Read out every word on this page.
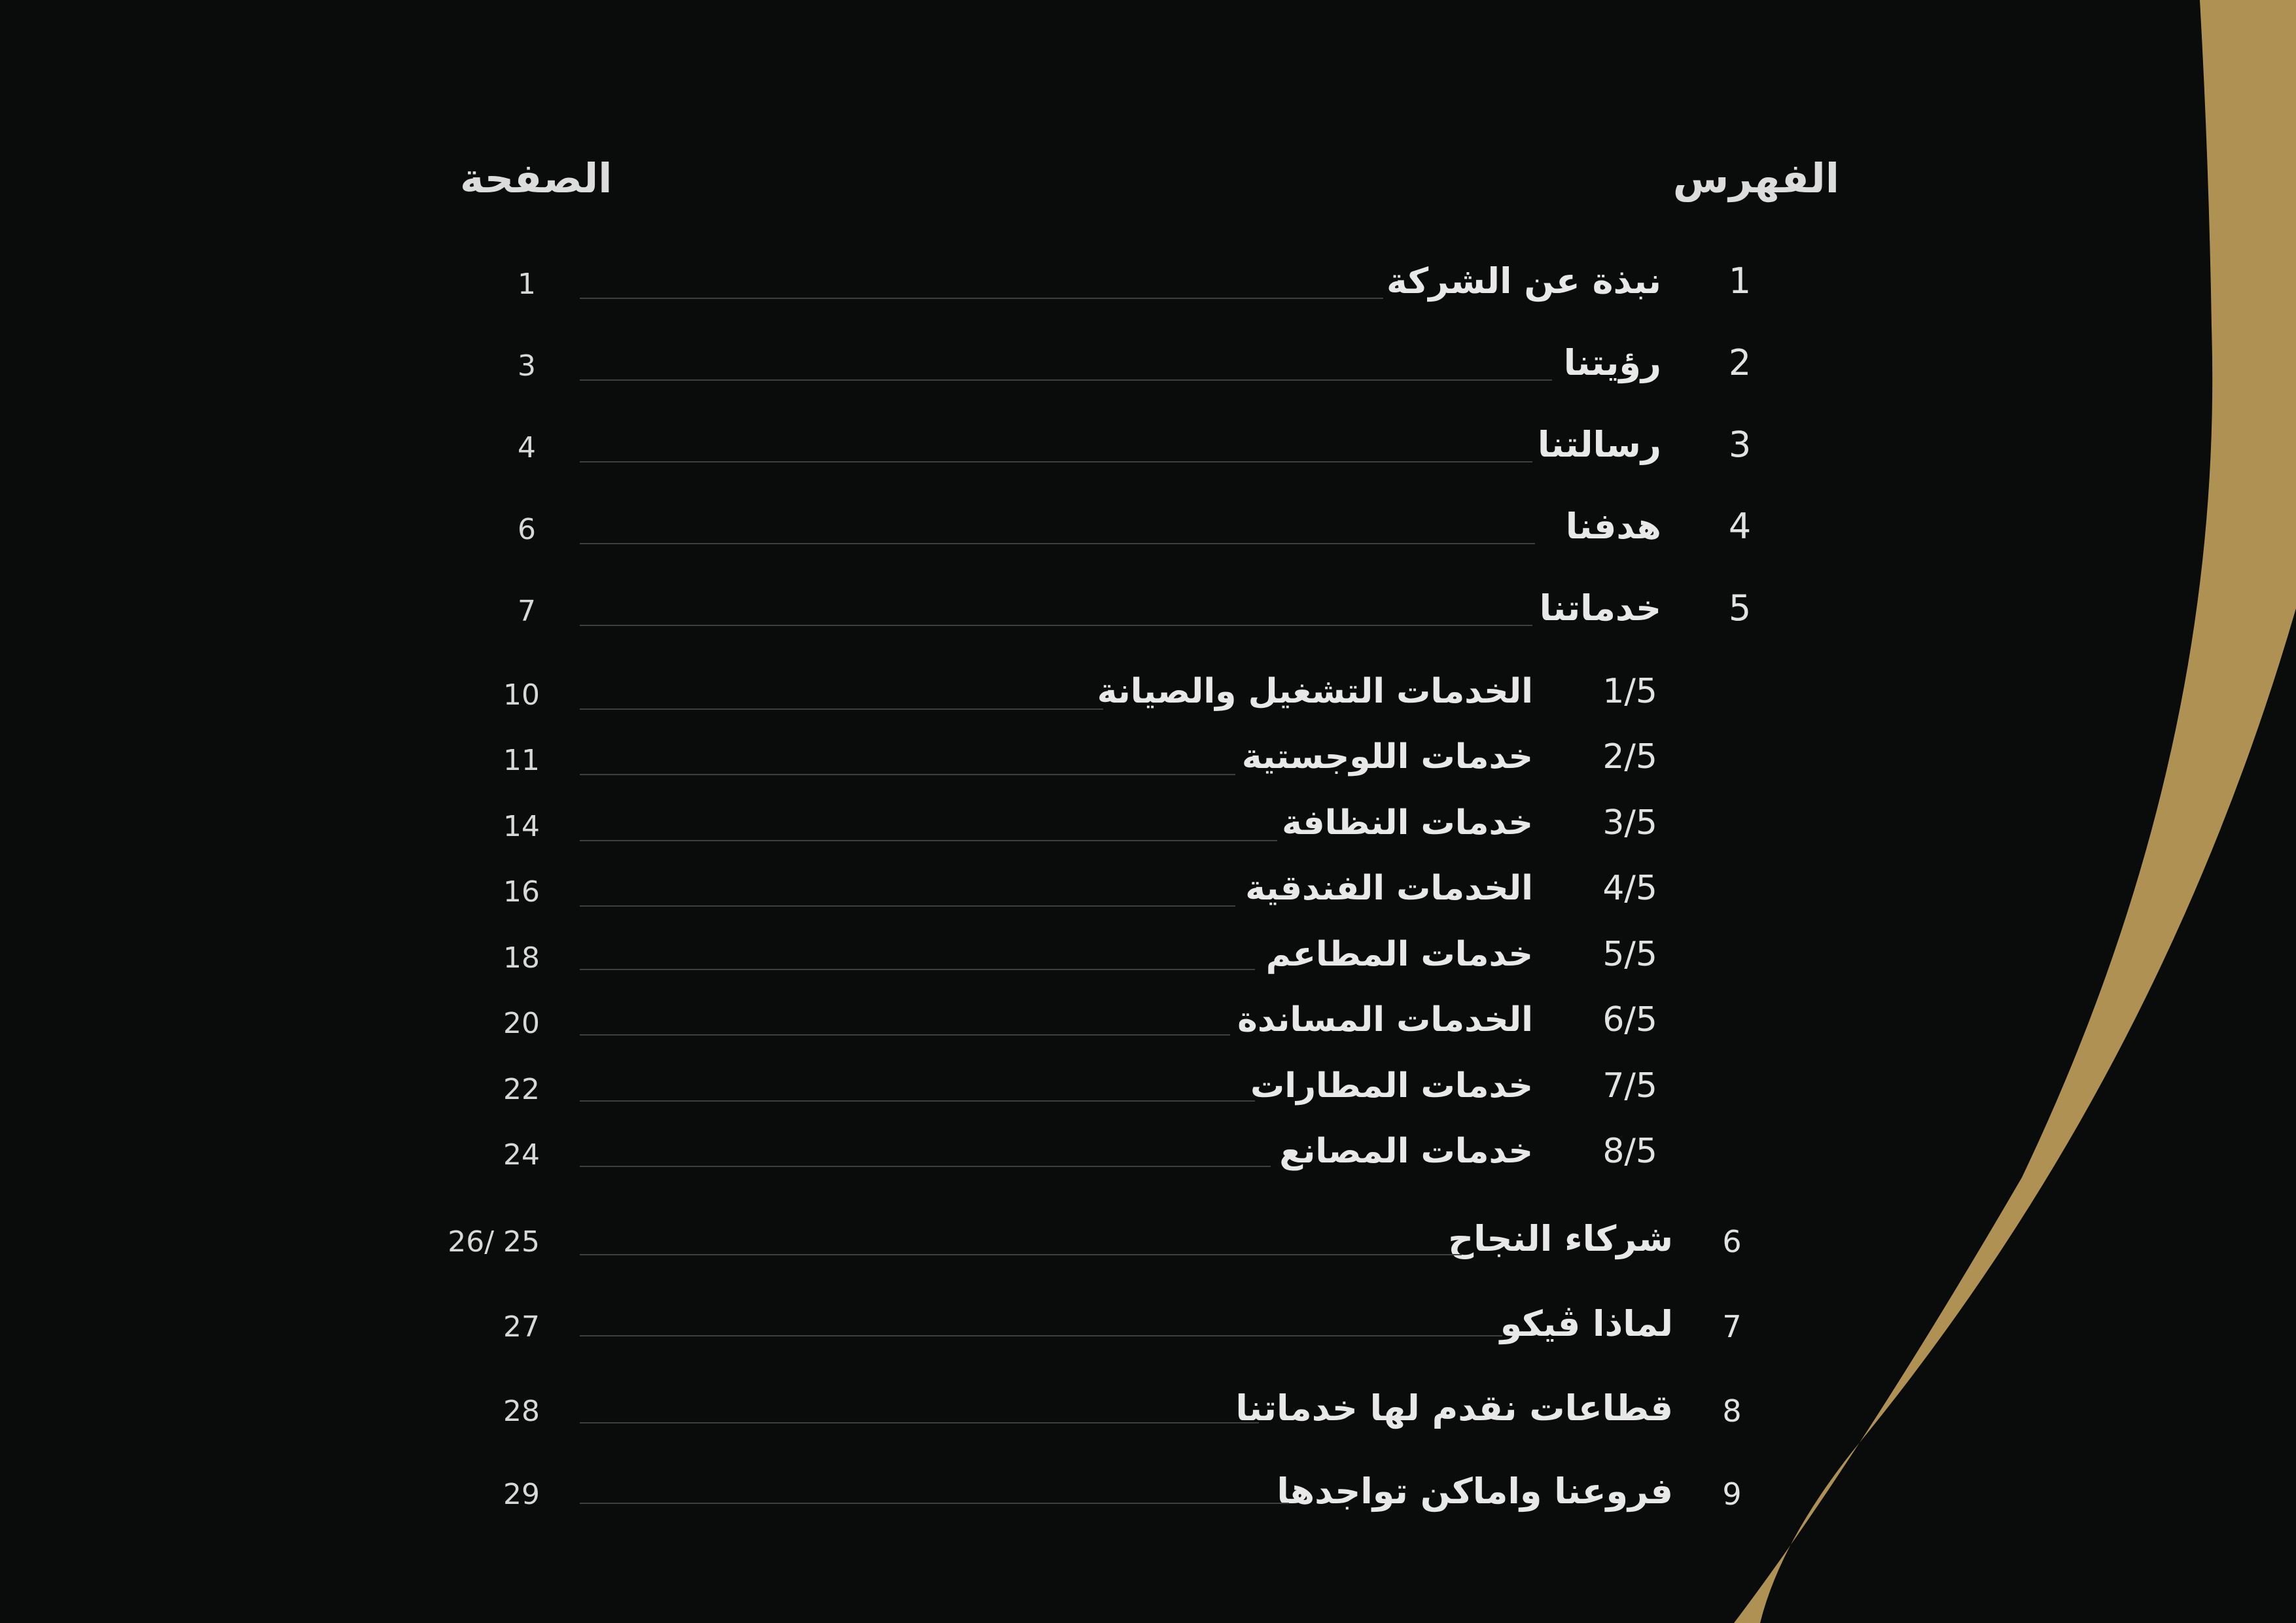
الفهرس
الصفحة
1
نبذة عن الشركة
1
2
رؤيتنا
3
3
رسالتنا
4
4
هدفنا
6
5
خدماتنا
7
1/5
الخدمات التشغيل والصيانة
10
2/5
خدمات اللوجستية
11
3/5
خدمات النظافة
14
4/5
الخدمات الفندقية
16
5/5
خدمات المطاعم
18
6/5
الخدمات المساندة
20
7/5
خدمات المطارات
22
8/5
خدمات المصانع
24
6
شركاء النجاح
26/ 25
7
لماذا ڤيكو
27
8
قطاعات نقدم لها خدماتنا
28
9
فروعنا واماكن تواجدها
29
